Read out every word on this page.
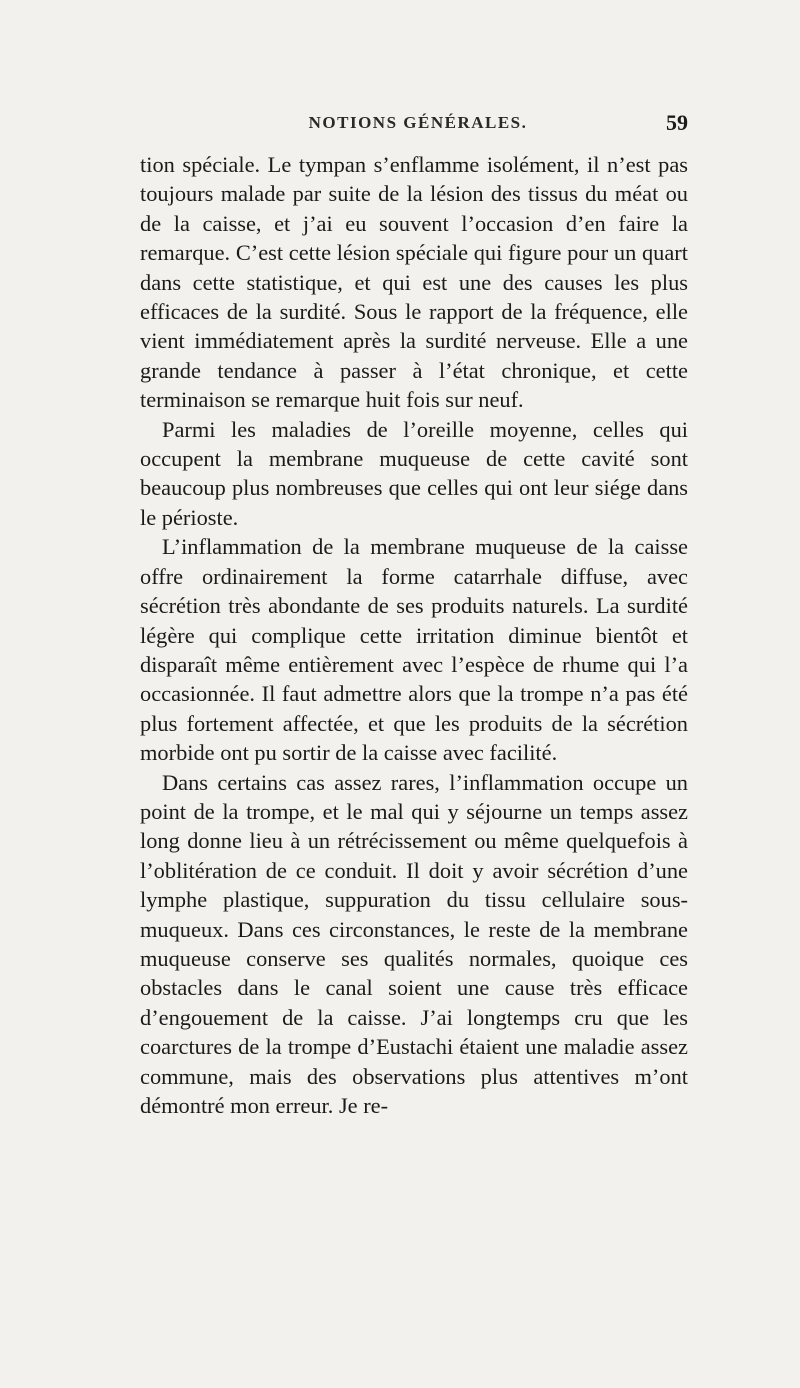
NOTIONS GÉNÉRALES.	59

tion spéciale. Le tympan s’enflamme isolément, il n’est pas toujours malade par suite de la lésion des tissus du méat ou de la caisse, et j’ai eu souvent l’occasion d’en faire la remarque. C’est cette lésion spéciale qui figure pour un quart dans cette statistique, et qui est une des causes les plus efficaces de la surdité. Sous le rapport de la fréquence, elle vient immédiatement après la surdité nerveuse. Elle a une grande tendance à passer à l’état chronique, et cette terminaison se remarque huit fois sur neuf.

Parmi les maladies de l’oreille moyenne, celles qui occupent la membrane muqueuse de cette cavité sont beaucoup plus nombreuses que celles qui ont leur siége dans le périoste.

L’inflammation de la membrane muqueuse de la caisse offre ordinairement la forme catarrhale diffuse, avec sécrétion très abondante de ses produits naturels. La surdité légère qui complique cette irritation diminue bientôt et disparaît même entièrement avec l’espèce de rhume qui l’a occasionnée. Il faut admettre alors que la trompe n’a pas été plus fortement affectée, et que les produits de la sécrétion morbide ont pu sortir de la caisse avec facilité.

Dans certains cas assez rares, l’inflammation occupe un point de la trompe, et le mal qui y séjourne un temps assez long donne lieu à un rétrécissement ou même quelquefois à l’oblitération de ce conduit. Il doit y avoir sécrétion d’une lymphe plastique, suppuration du tissu cellulaire sous-muqueux. Dans ces circonstances, le reste de la membrane muqueuse conserve ses qualités normales, quoique ces obstacles dans le canal soient une cause très efficace d’engouement de la caisse. J’ai longtemps cru que les coarctures de la trompe d’Eustachi étaient une maladie assez commune, mais des observations plus attentives m’ont démontré mon erreur. Je re-
